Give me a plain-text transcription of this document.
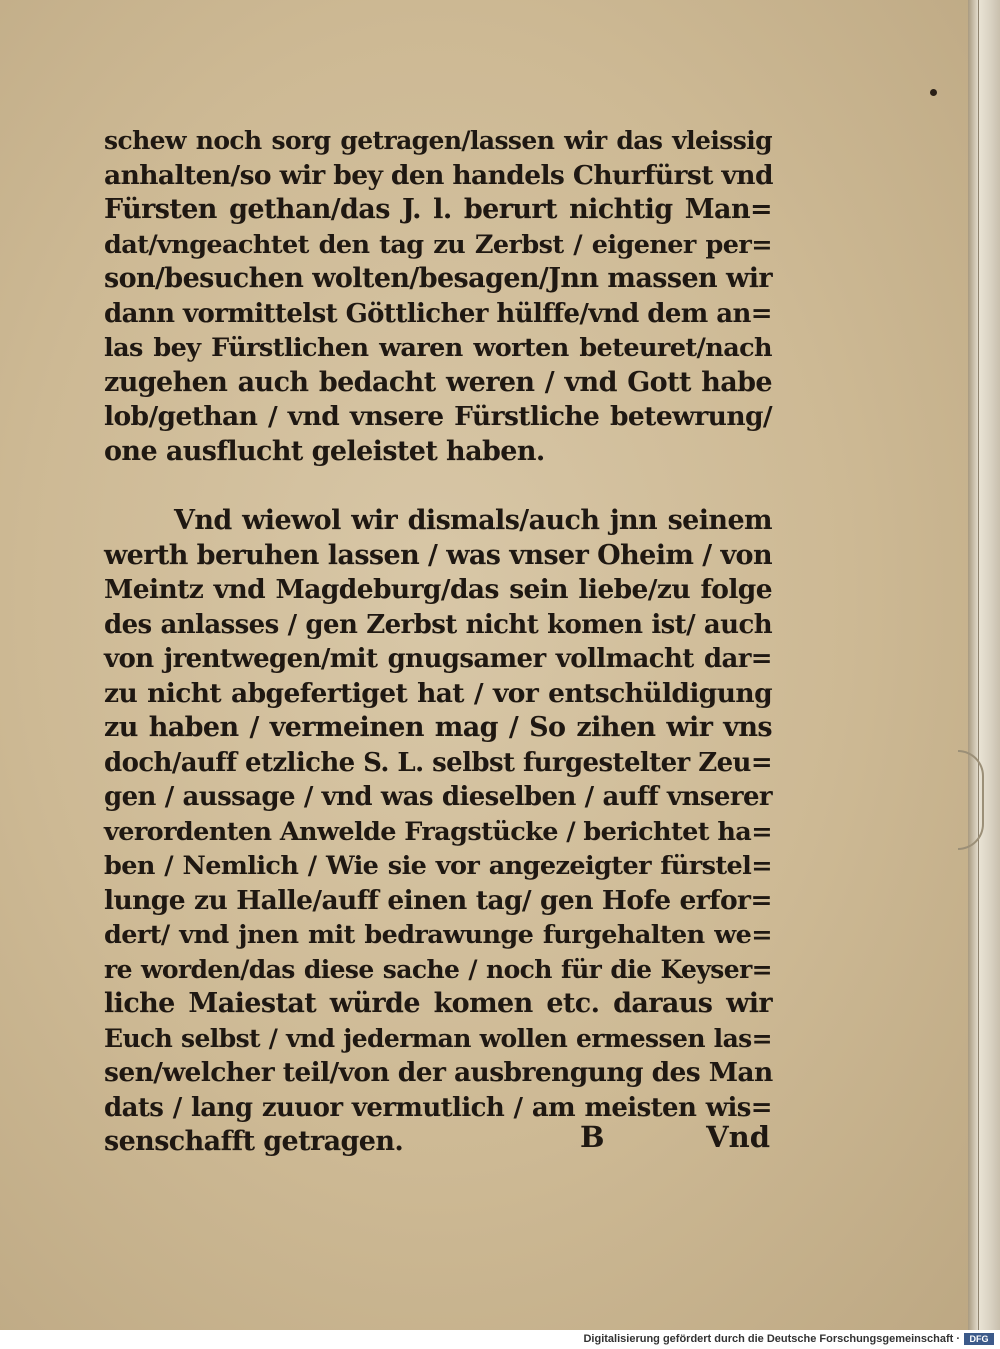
schew noch sorg getragen/lassen wir das vleissig
anhalten/so wir bey den handels Churfürst vnd
Fürsten gethan/das J. l. berurt nichtig Man=
dat/vngeachtet den tag zu Zerbst / eigener per=
son/besuchen wolten/besagen/Jnn massen wir
dann vormittelst Göttlicher hülffe/vnd dem an=
las bey Fürstlichen waren worten beteuret/nach
zugehen auch bedacht weren / vnd Gott habe
lob/gethan / vnd vnsere Fürstliche betewrung/
one ausflucht geleistet haben.
Vnd wiewol wir dismals/auch jnn seinem
werth beruhen lassen / was vnser Oheim / von
Meintz vnd Magdeburg/das sein liebe/zu folge
des anlasses / gen Zerbst nicht komen ist/ auch
von jrentwegen/mit gnugsamer vollmacht dar=
zu nicht abgefertiget hat / vor entschüldigung
zu haben / vermeinen mag / So zihen wir vns
doch/auff etzliche S. L. selbst furgestelter Zeu=
gen / aussage / vnd was dieselben / auff vnserer
verordenten Anwelde Fragstücke / berichtet ha=
ben / Nemlich / Wie sie vor angezeigter fürstel=
lunge zu Halle/auff einen tag/ gen Hofe erfor=
dert/ vnd jnen mit bedrawunge furgehalten we=
re worden/das diese sache / noch für die Keyser=
liche Maiestat würde komen etc. daraus wir
Euch selbst / vnd jederman wollen ermessen las=
sen/welcher teil/von der ausbrengung des Man
dats / lang zuuor vermutlich / am meisten wis=
senschafft getragen.	B	Vnd
Digitalisierung gefördert durch die Deutsche Forschungsgemeinschaft ·	DFG
